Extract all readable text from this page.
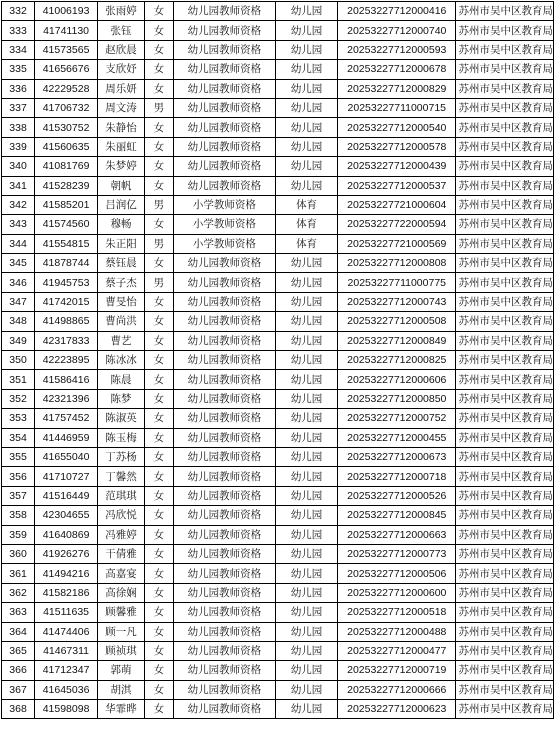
332	41006193	张雨婷	女	幼儿园教师资格	幼儿园	20253227712000416	苏州市吴中区教育局
333	41741130	张钰	女	幼儿园教师资格	幼儿园	20253227712000740	苏州市吴中区教育局
334	41573565	赵欣晨	女	幼儿园教师资格	幼儿园	20253227712000593	苏州市吴中区教育局
335	41656676	支欣妤	女	幼儿园教师资格	幼儿园	20253227712000678	苏州市吴中区教育局
336	42229528	周乐妍	女	幼儿园教师资格	幼儿园	20253227712000829	苏州市吴中区教育局
337	41706732	周文涛	男	幼儿园教师资格	幼儿园	20253227711000715	苏州市吴中区教育局
338	41530752	朱静怡	女	幼儿园教师资格	幼儿园	20253227712000540	苏州市吴中区教育局
339	41560635	朱丽虹	女	幼儿园教师资格	幼儿园	20253227712000578	苏州市吴中区教育局
340	41081769	朱梦婷	女	幼儿园教师资格	幼儿园	20253227712000439	苏州市吴中区教育局
341	41528239	朝帆	女	幼儿园教师资格	幼儿园	20253227712000537	苏州市吴中区教育局
342	41585201	吕润亿	男	小学教师资格	体育	20253227721000604	苏州市吴中区教育局
343	41574560	穆畅	女	小学教师资格	体育	20253227722000594	苏州市吴中区教育局
344	41554815	朱正阳	男	小学教师资格	体育	20253227721000569	苏州市吴中区教育局
345	41878744	蔡钰晨	女	幼儿园教师资格	幼儿园	20253227712000808	苏州市吴中区教育局
346	41945753	蔡子杰	男	幼儿园教师资格	幼儿园	20253227711000775	苏州市吴中区教育局
347	41742015	曹旻怡	女	幼儿园教师资格	幼儿园	20253227712000743	苏州市吴中区教育局
348	41498865	曹尚洪	女	幼儿园教师资格	幼儿园	20253227712000508	苏州市吴中区教育局
349	42317833	曹艺	女	幼儿园教师资格	幼儿园	20253227712000849	苏州市吴中区教育局
350	42223895	陈冰冰	女	幼儿园教师资格	幼儿园	20253227712000825	苏州市吴中区教育局
351	41586416	陈晨	女	幼儿园教师资格	幼儿园	20253227712000606	苏州市吴中区教育局
352	42321396	陈梦	女	幼儿园教师资格	幼儿园	20253227712000850	苏州市吴中区教育局
353	41757452	陈淑英	女	幼儿园教师资格	幼儿园	20253227712000752	苏州市吴中区教育局
354	41446959	陈玉梅	女	幼儿园教师资格	幼儿园	20253227712000455	苏州市吴中区教育局
355	41655040	丁苏杨	女	幼儿园教师资格	幼儿园	20253227712000673	苏州市吴中区教育局
356	41710727	丁馨然	女	幼儿园教师资格	幼儿园	20253227712000718	苏州市吴中区教育局
357	41516449	范琪琪	女	幼儿园教师资格	幼儿园	20253227712000526	苏州市吴中区教育局
358	42304655	冯欣悦	女	幼儿园教师资格	幼儿园	20253227712000845	苏州市吴中区教育局
359	41640869	冯雅婷	女	幼儿园教师资格	幼儿园	20253227712000663	苏州市吴中区教育局
360	41926276	干倩雅	女	幼儿园教师资格	幼儿园	20253227712000773	苏州市吴中区教育局
361	41494216	高嘉宴	女	幼儿园教师资格	幼儿园	20253227712000506	苏州市吴中区教育局
362	41582186	高徐娴	女	幼儿园教师资格	幼儿园	20253227712000600	苏州市吴中区教育局
363	41511635	顾馨雅	女	幼儿园教师资格	幼儿园	20253227712000518	苏州市吴中区教育局
364	41474406	顾一凡	女	幼儿园教师资格	幼儿园	20253227712000488	苏州市吴中区教育局
365	41467311	顾祯琪	女	幼儿园教师资格	幼儿园	20253227712000477	苏州市吴中区教育局
366	41712347	郭萌	女	幼儿园教师资格	幼儿园	20253227712000719	苏州市吴中区教育局
367	41645036	胡淇	女	幼儿园教师资格	幼儿园	20253227712000666	苏州市吴中区教育局
368	41598098	华霏晔	女	幼儿园教师资格	幼儿园	20253227712000623	苏州市吴中区教育局
